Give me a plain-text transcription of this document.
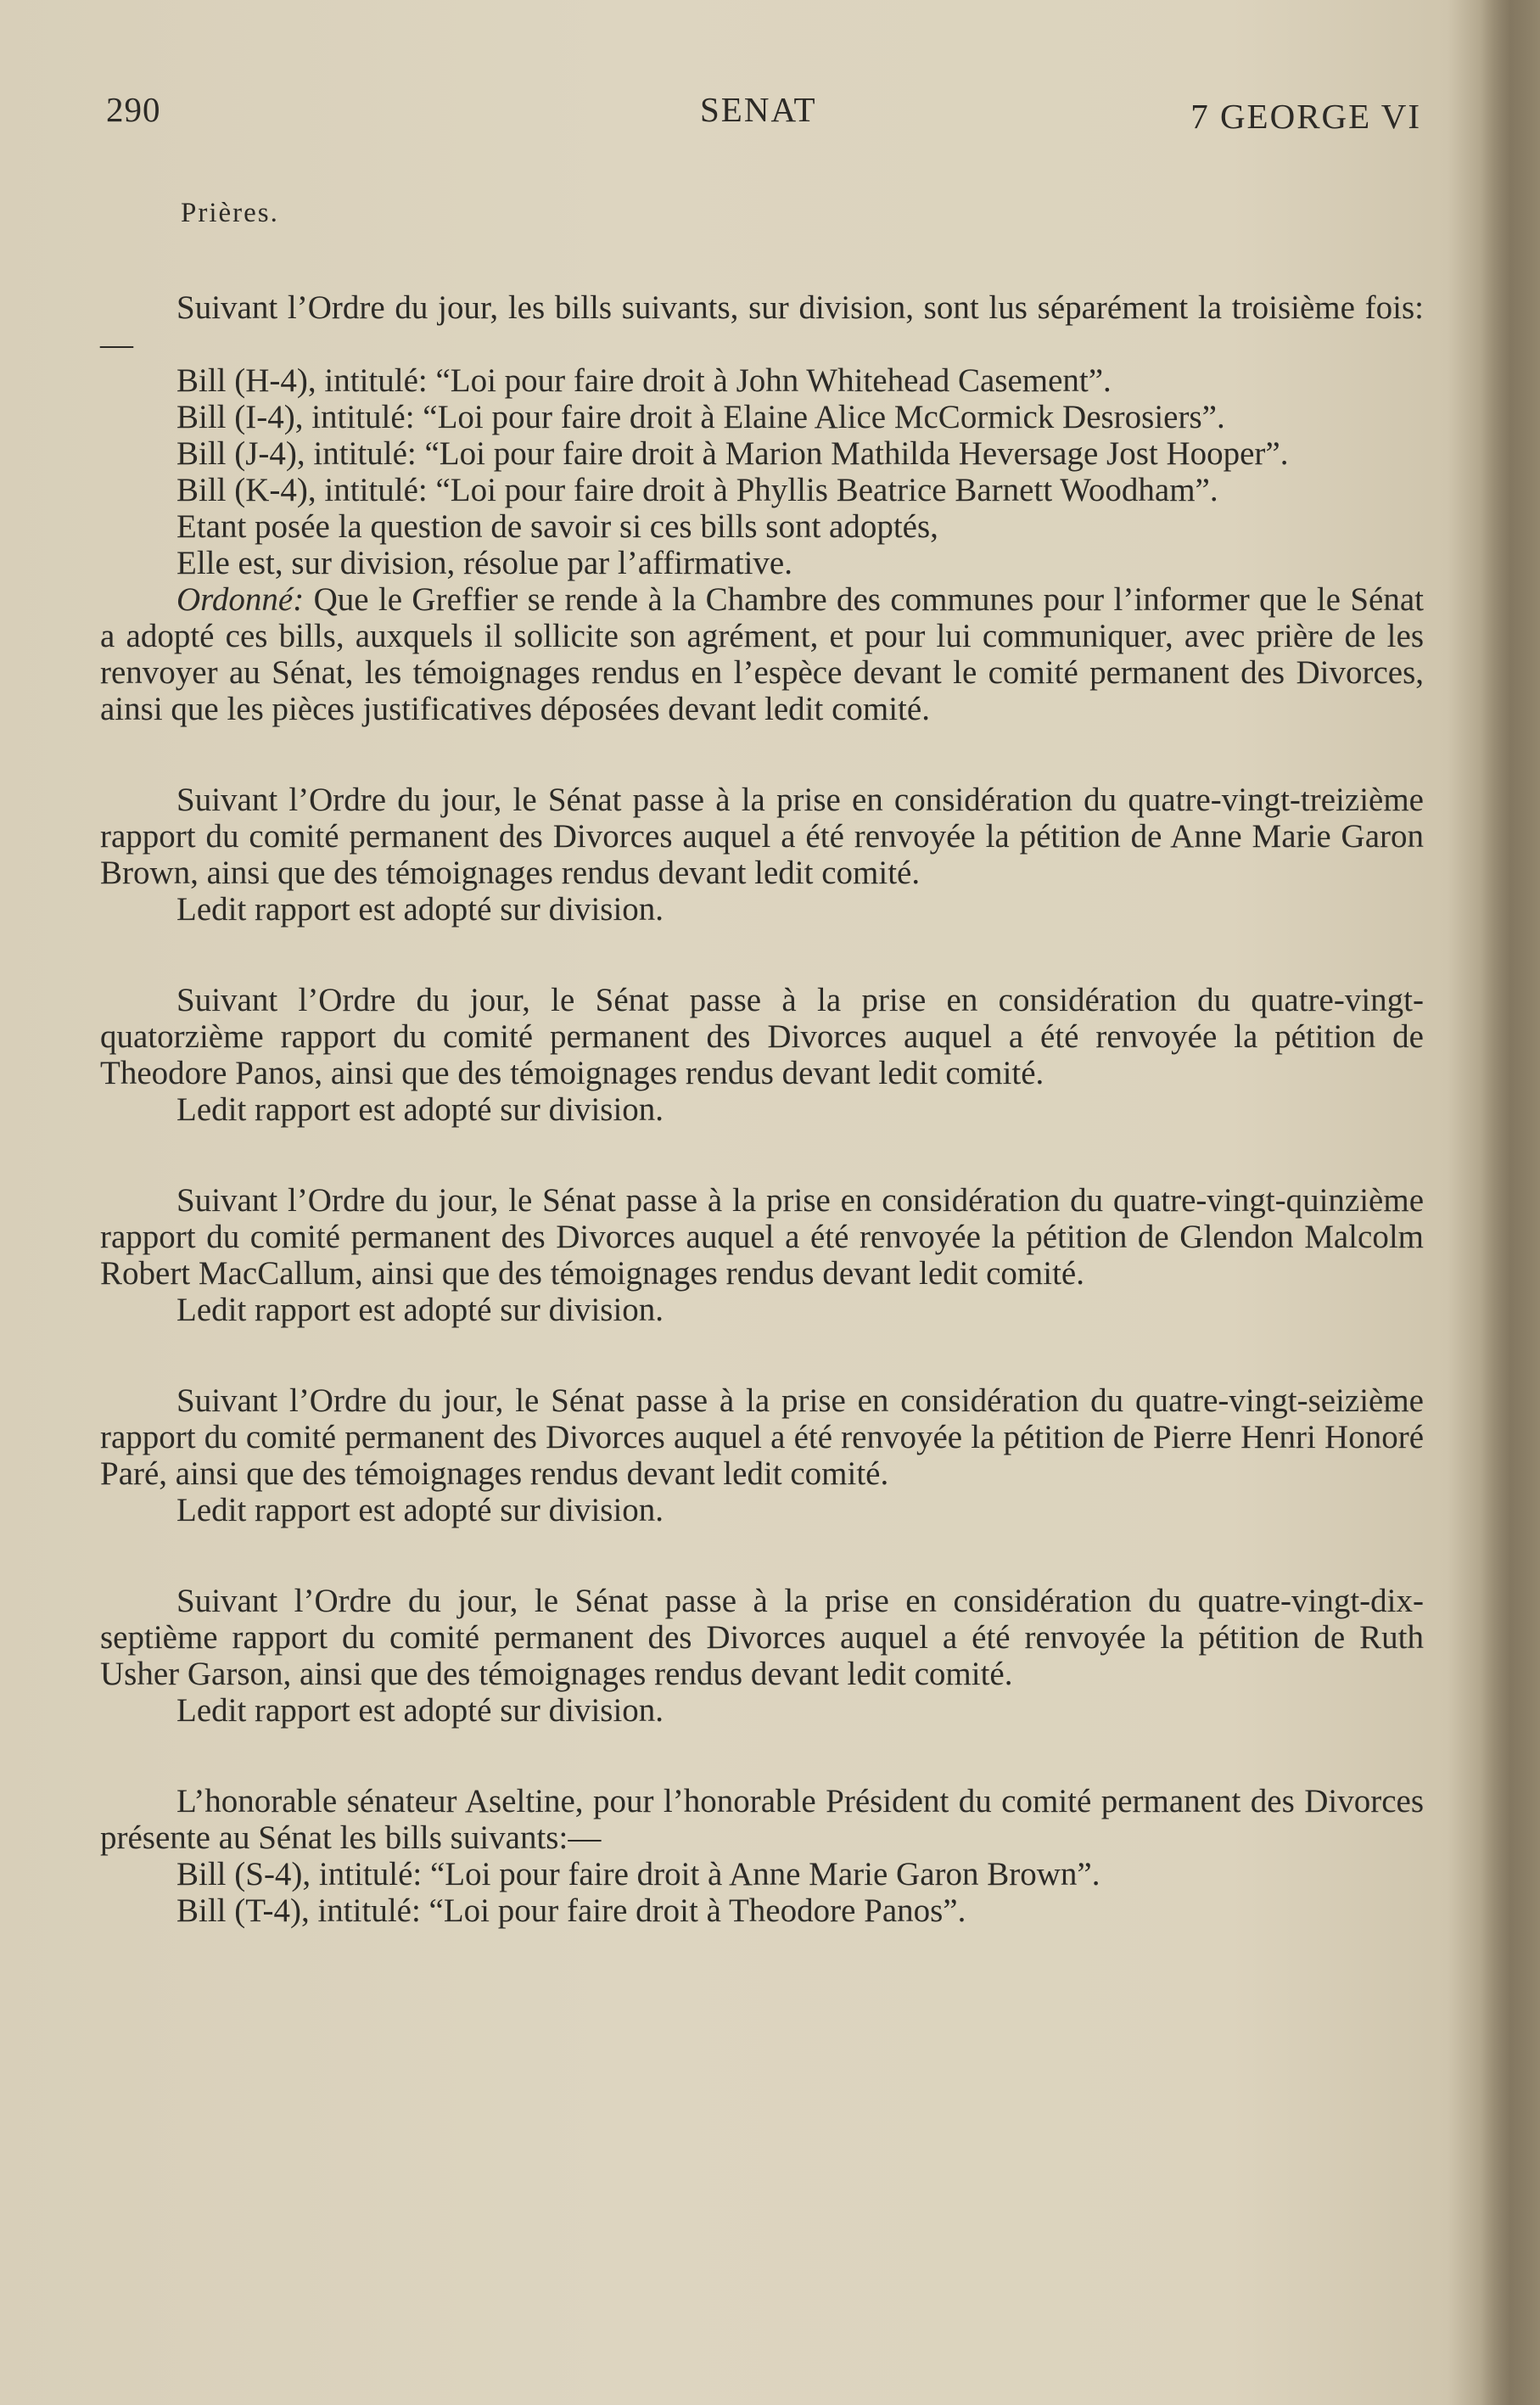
290	SENAT	7 GEORGE VI
Prières.

Suivant l’Ordre du jour, les bills suivants, sur division, sont lus séparément la troisième fois:—

Bill (H-4), intitulé: “Loi pour faire droit à John Whitehead Casement”.

Bill (I-4), intitulé: “Loi pour faire droit à Elaine Alice McCormick Desrosiers”.

Bill (J-4), intitulé: “Loi pour faire droit à Marion Mathilda Heversage Jost Hooper”.

Bill (K-4), intitulé: “Loi pour faire droit à Phyllis Beatrice Barnett Woodham”.

Etant posée la question de savoir si ces bills sont adoptés,

Elle est, sur division, résolue par l’affirmative.

Ordonné: Que le Greffier se rende à la Chambre des communes pour l’informer que le Sénat a adopté ces bills, auxquels il sollicite son agrément, et pour lui communiquer, avec prière de les renvoyer au Sénat, les témoignages rendus en l’espèce devant le comité permanent des Divorces, ainsi que les pièces justificatives déposées devant ledit comité.

Suivant l’Ordre du jour, le Sénat passe à la prise en considération du quatre-vingt-treizième rapport du comité permanent des Divorces auquel a été renvoyée la pétition de Anne Marie Garon Brown, ainsi que des témoignages rendus devant ledit comité.

Ledit rapport est adopté sur division.

Suivant l’Ordre du jour, le Sénat passe à la prise en considération du quatre-vingt-quatorzième rapport du comité permanent des Divorces auquel a été renvoyée la pétition de Theodore Panos, ainsi que des témoignages rendus devant ledit comité.

Ledit rapport est adopté sur division.

Suivant l’Ordre du jour, le Sénat passe à la prise en considération du quatre-vingt-quinzième rapport du comité permanent des Divorces auquel a été renvoyée la pétition de Glendon Malcolm Robert MacCallum, ainsi que des témoignages rendus devant ledit comité.

Ledit rapport est adopté sur division.

Suivant l’Ordre du jour, le Sénat passe à la prise en considération du quatre-vingt-seizième rapport du comité permanent des Divorces auquel a été renvoyée la pétition de Pierre Henri Honoré Paré, ainsi que des témoignages rendus devant ledit comité.

Ledit rapport est adopté sur division.

Suivant l’Ordre du jour, le Sénat passe à la prise en considération du quatre-vingt-dix-septième rapport du comité permanent des Divorces auquel a été renvoyée la pétition de Ruth Usher Garson, ainsi que des témoignages rendus devant ledit comité.

Ledit rapport est adopté sur division.

L’honorable sénateur Aseltine, pour l’honorable Président du comité permanent des Divorces présente au Sénat les bills suivants:—

Bill (S-4), intitulé: “Loi pour faire droit à Anne Marie Garon Brown”.

Bill (T-4), intitulé: “Loi pour faire droit à Theodore Panos”.
